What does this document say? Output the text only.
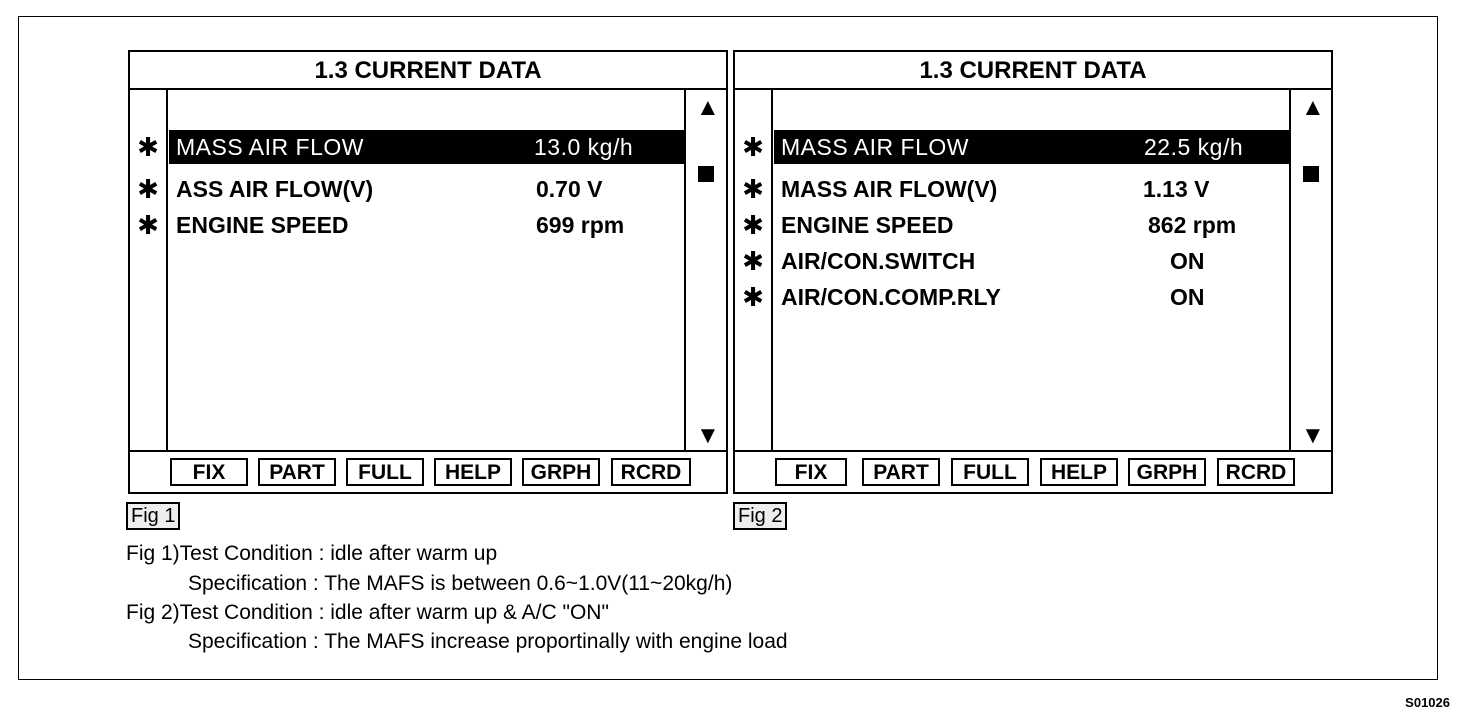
1.3 CURRENT DATA
▲
▼
✱ MASS AIR FLOW	13.0 kg/h
✱ ASS AIR FLOW(V)	0.70 V
✱ ENGINE SPEED	699 rpm
FIX	PART	FULL	HELP	GRPH	RCRD
1.3 CURRENT DATA
▲
▼
✱ MASS AIR FLOW	22.5 kg/h
✱ MASS AIR FLOW(V)	1.13 V
✱ ENGINE SPEED	862 rpm
✱ AIR/CON.SWITCH	ON
✱ AIR/CON.COMP.RLY	ON
FIX	PART	FULL	HELP	GRPH	RCRD
Fig 1	Fig 2
Fig 1)Test Condition : idle after warm up
Specification : The MAFS is between 0.6~1.0V(11~20kg/h)
Fig 2)Test Condition : idle after warm up & A/C "ON"
Specification : The MAFS increase proportinally with engine load
S01026
